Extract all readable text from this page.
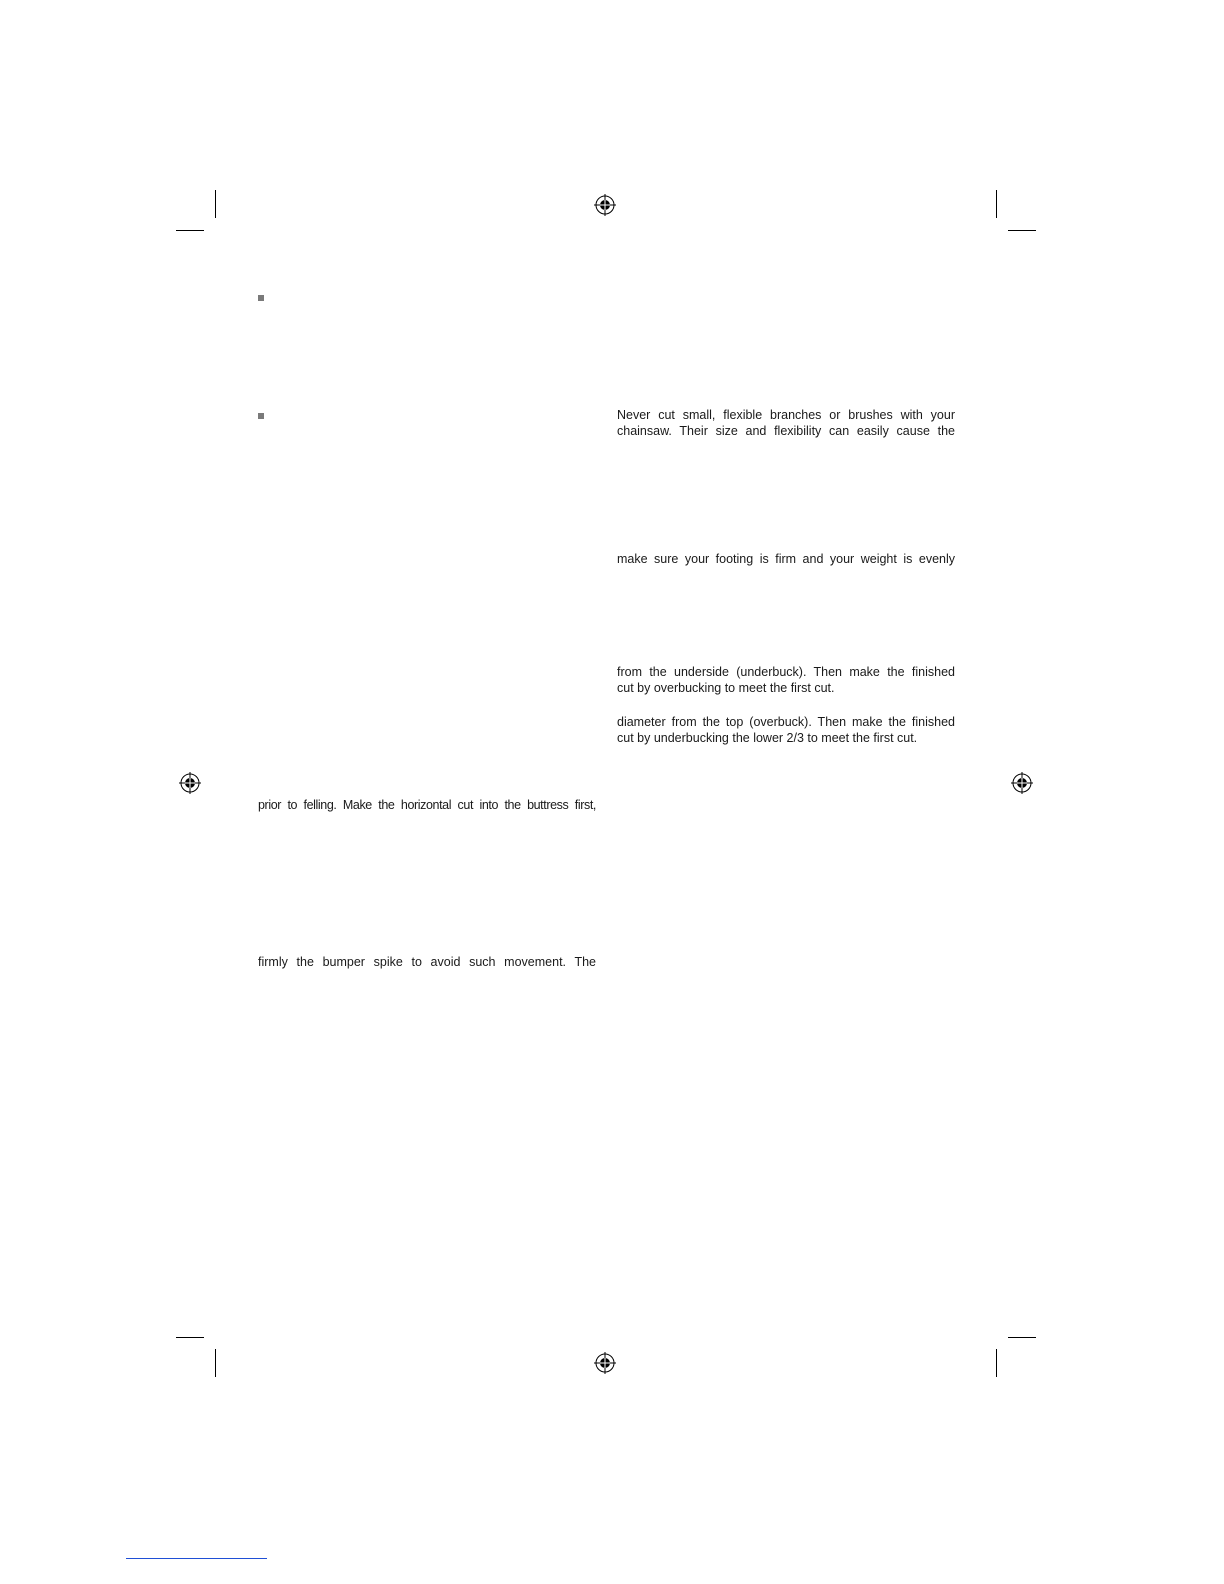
Never cut small, flexible branches or brushes with your
chainsaw. Their size and flexibility can easily cause the
make sure your footing is firm and your weight is evenly
from the underside (underbuck). Then make the finished
cut by overbucking to meet the first cut.
diameter from the top (overbuck). Then make the finished
cut by underbucking the lower 2/3 to meet the first cut.
prior to felling. Make the horizontal cut into the buttress first,
firmly the bumper spike to avoid such movement. The
